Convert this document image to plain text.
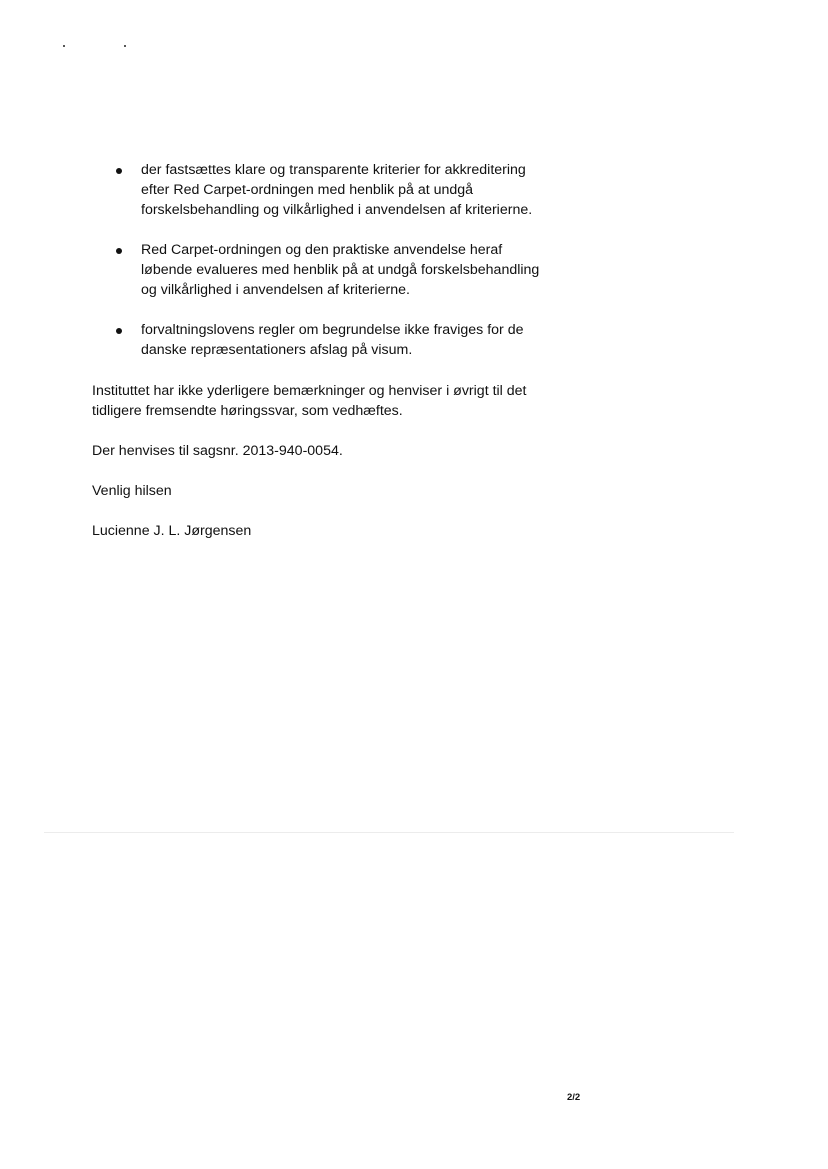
der fastsættes klare og transparente kriterier for akkreditering
efter Red Carpet-ordningen med henblik på at undgå
forskelsbehandling og vilkårlighed i anvendelsen af kriterierne.
Red Carpet-ordningen og den praktiske anvendelse heraf
løbende evalueres med henblik på at undgå forskelsbehandling
og vilkårlighed i anvendelsen af kriterierne.
forvaltningslovens regler om begrundelse ikke fraviges for de
danske repræsentationers afslag på visum.

Instituttet har ikke yderligere bemærkninger og henviser i øvrigt til det
tidligere fremsendte høringssvar, som vedhæftes.

Der henvises til sagsnr. 2013-940-0054.

Venlig hilsen

Lucienne J. L. Jørgensen

2/2
